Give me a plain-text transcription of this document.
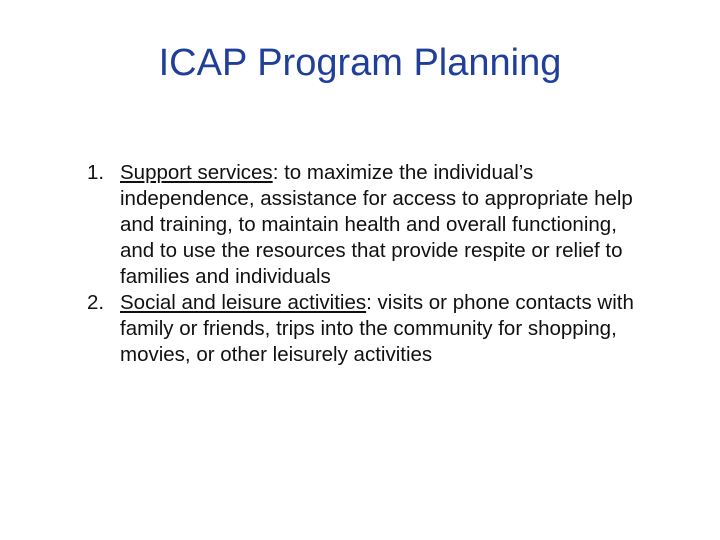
ICAP Program Planning
1. Support services: to maximize the individual’s independence, assistance for access to appropriate help and training, to maintain health and overall functioning, and to use the resources that provide respite or relief to families and individuals
2. Social and leisure activities: visits or phone contacts with family or friends, trips into the community for shopping, movies, or other leisurely activities
